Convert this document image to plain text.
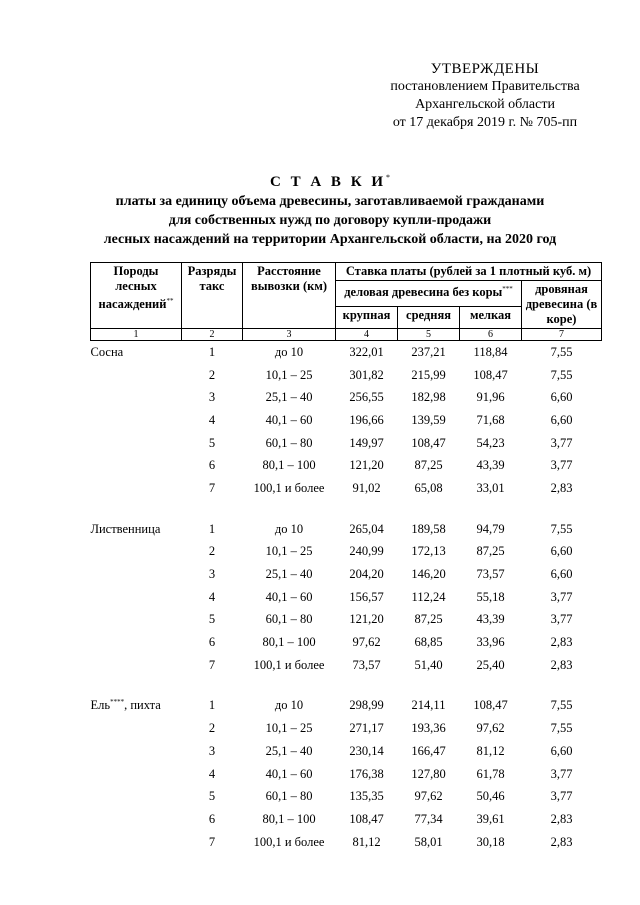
УТВЕРЖДЕНЫ
постановлением Правительства
Архангельской области
от 17 декабря 2019 г. № 705-пп
С Т А В К И*
платы за единицу объема древесины, заготавливаемой гражданами
для собственных нужд по договору купли-продажи
лесных насаждений на территории Архангельской области, на 2020 год
Породы лесных насаждений**	Разряды такс	Расстояние вывозки (км)	Ставка платы (рублей за 1 плотный куб. м)			
			деловая древесина без коры***			дровяная древесина (в коре)
			крупная	средняя	мелкая	
1	2	3	4	5	6	7
Сосна	1	до 10	322,01	237,21	118,84	7,55
	2	10,1 – 25	301,82	215,99	108,47	7,55
	3	25,1 – 40	256,55	182,98	91,96	6,60
	4	40,1 – 60	196,66	139,59	71,68	6,60
	5	60,1 – 80	149,97	108,47	54,23	3,77
	6	80,1 – 100	121,20	87,25	43,39	3,77
	7	100,1 и более	91,02	65,08	33,01	2,83

Лиственница	1	до 10	265,04	189,58	94,79	7,55
	2	10,1 – 25	240,99	172,13	87,25	6,60
	3	25,1 – 40	204,20	146,20	73,57	6,60
	4	40,1 – 60	156,57	112,24	55,18	3,77
	5	60,1 – 80	121,20	87,25	43,39	3,77
	6	80,1 – 100	97,62	68,85	33,96	2,83
	7	100,1 и более	73,57	51,40	25,40	2,83

Ель****, пихта	1	до 10	298,99	214,11	108,47	7,55
	2	10,1 – 25	271,17	193,36	97,62	7,55
	3	25,1 – 40	230,14	166,47	81,12	6,60
	4	40,1 – 60	176,38	127,80	61,78	3,77
	5	60,1 – 80	135,35	97,62	50,46	3,77
	6	80,1 – 100	108,47	77,34	39,61	2,83
	7	100,1 и более	81,12	58,01	30,18	2,83
